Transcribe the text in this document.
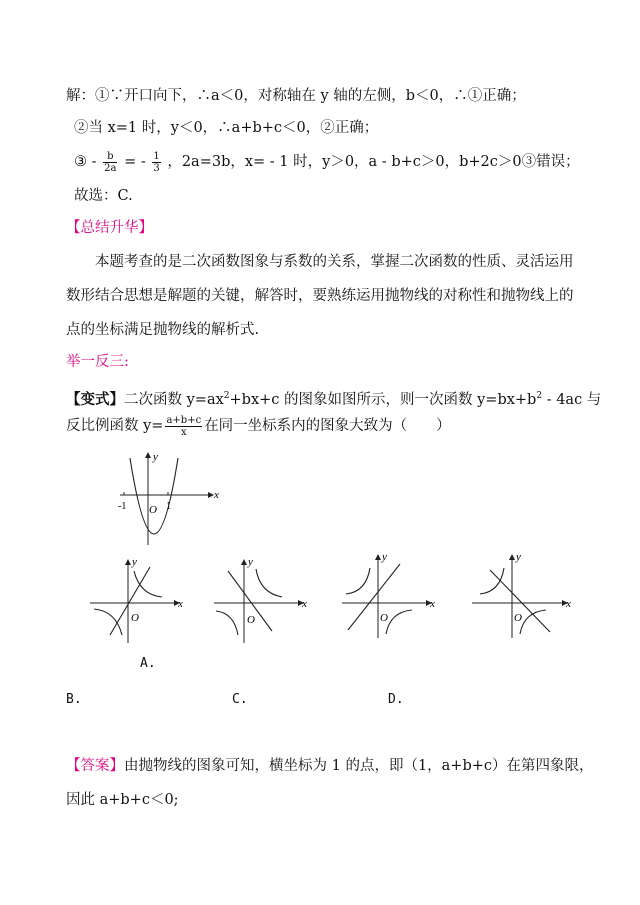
解：①∵开口向下，∴a＜0，对称轴在 y 轴的左侧，b＜0，∴①正确；
②当 x=1 时，y＜0，∴a+b+c＜0，②正确；
③ - $\frac{b}{2a}$ = - $\frac{1}{3}$ ，2a=3b，x= - 1 时，y＞0，a - b+c＞0，b+2c＞0③错误；
故选：C.
【总结升华】
本题考查的是二次函数图象与系数的关系，掌握二次函数的性质、灵活运用数形结合思想是解题的关键，解答时，要熟练运用抛物线的对称性和抛物线上的点的坐标满足抛物线的解析式.
举一反三:
【变式】二次函数 $y=ax^2+bx+c$ 的图象如图所示，则一次函数 $y=bx+b^2 - 4ac$ 与
反比例函数 $y= \frac{a+b+c}{x}$ 在同一坐标系内的图象大致为（　　）
x
y
O
-1	1
x
y
O
x
y
O
x
y
O
x
y
O
A.
B.	C.	D.
【答案】由抛物线的图象可知，横坐标为 1 的点，即（1，a+b+c）在第四象限，
因此 a+b+c＜0;
